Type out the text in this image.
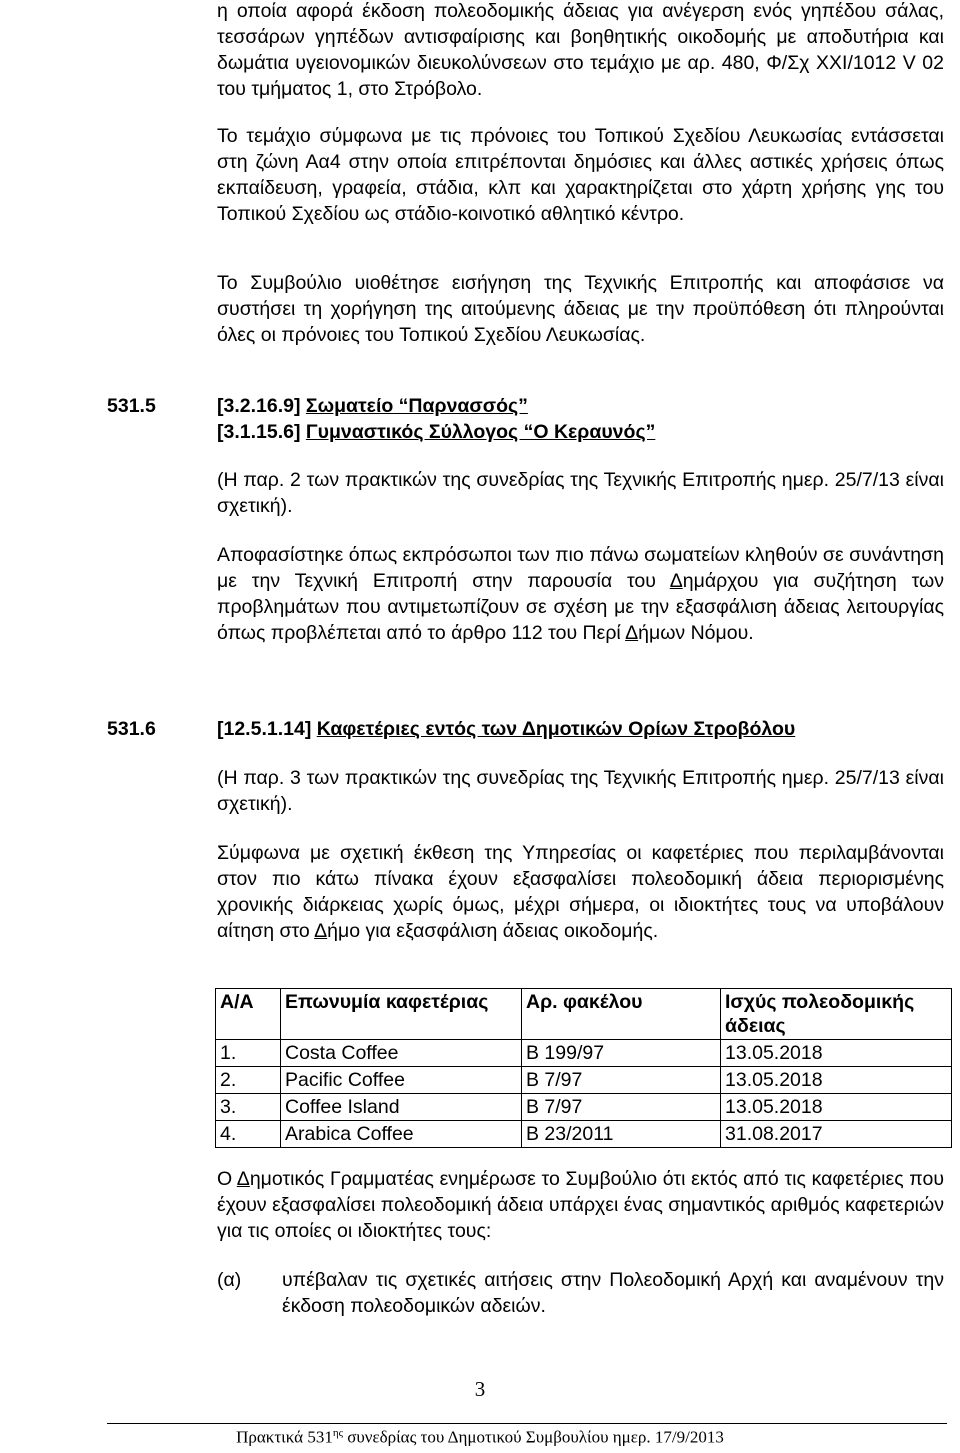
η οποία αφορά έκδοση πολεοδομικής άδειας για ανέγερση ενός γηπέδου σάλας, τεσσάρων γηπέδων αντισφαίρισης και βοηθητικής οικοδομής με αποδυτήρια και δωμάτια υγειονομικών διευκολύνσεων στο τεμάχιο με αρ. 480, Φ/Σχ ΧΧΙ/1012 V 02 του τμήματος 1, στο Στρόβολο.

Το τεμάχιο σύμφωνα με τις πρόνοιες του Τοπικού Σχεδίου Λευκωσίας εντάσσεται στη ζώνη Αα4 στην οποία επιτρέπονται δημόσιες και άλλες αστικές χρήσεις όπως εκπαίδευση, γραφεία, στάδια, κλπ και χαρακτηρίζεται στο χάρτη χρήσης γης του Τοπικού Σχεδίου ως στάδιο-κοινοτικό αθλητικό κέντρο.

Το Συμβούλιο υιοθέτησε εισήγηση της Τεχνικής Επιτροπής και αποφάσισε να συστήσει τη χορήγηση της αιτούμενης άδειας με την προϋπόθεση ότι πληρούνται όλες οι πρόνοιες του Τοπικού Σχεδίου Λευκωσίας.

531.5	[3.2.16.9] Σωματείο “Παρνασσός”
[3.1.15.6] Γυμναστικός Σύλλογος “Ο Κεραυνός”

(Η παρ. 2 των πρακτικών της συνεδρίας της Τεχνικής Επιτροπής ημερ. 25/7/13 είναι σχετική).

Αποφασίστηκε όπως εκπρόσωποι των πιο πάνω σωματείων κληθούν σε συνάντηση με την Τεχνική Επιτροπή στην παρουσία του Δημάρχου για συζήτηση των προβλημάτων που αντιμετωπίζουν σε σχέση με την εξασφάλιση άδειας λειτουργίας όπως προβλέπεται από το άρθρο 112 του Περί Δήμων Νόμου.

531.6	[12.5.1.14] Καφετέριες εντός των Δημοτικών Ορίων Στροβόλου

(Η παρ. 3 των πρακτικών της συνεδρίας της Τεχνικής Επιτροπής ημερ. 25/7/13 είναι σχετική).

Σύμφωνα με σχετική έκθεση της Υπηρεσίας οι καφετέριες που περιλαμβάνονται στον πιο κάτω πίνακα έχουν εξασφαλίσει πολεοδομική άδεια περιορισμένης χρονικής διάρκειας χωρίς όμως, μέχρι σήμερα, οι ιδιοκτήτες τους να υποβάλουν αίτηση στο Δήμο για εξασφάλιση άδειας οικοδομής.

Α/Α	Επωνυμία καφετέριας	Αρ. φακέλου	Ισχύς πολεοδομικής άδειας
1.	Costa Coffee	Β 199/97	13.05.2018
2.	Pacific Coffee	Β 7/97	13.05.2018
3.	Coffee Island	Β 7/97	13.05.2018
4.	Arabica Coffee	Β 23/2011	31.08.2017

Ο Δημοτικός Γραμματέας ενημέρωσε το Συμβούλιο ότι εκτός από τις καφετέριες που έχουν εξασφαλίσει πολεοδομική άδεια υπάρχει ένας σημαντικός αριθμός καφετεριών για τις οποίες οι ιδιοκτήτες τους:

(α) υπέβαλαν τις σχετικές αιτήσεις στην Πολεοδομική Αρχή και αναμένουν την έκδοση πολεοδομικών αδειών.
3
Πρακτικά $531^{\eta\varsigma}$ συνεδρίας του Δημοτικού Συμβουλίου ημερ. 17/9/2013
